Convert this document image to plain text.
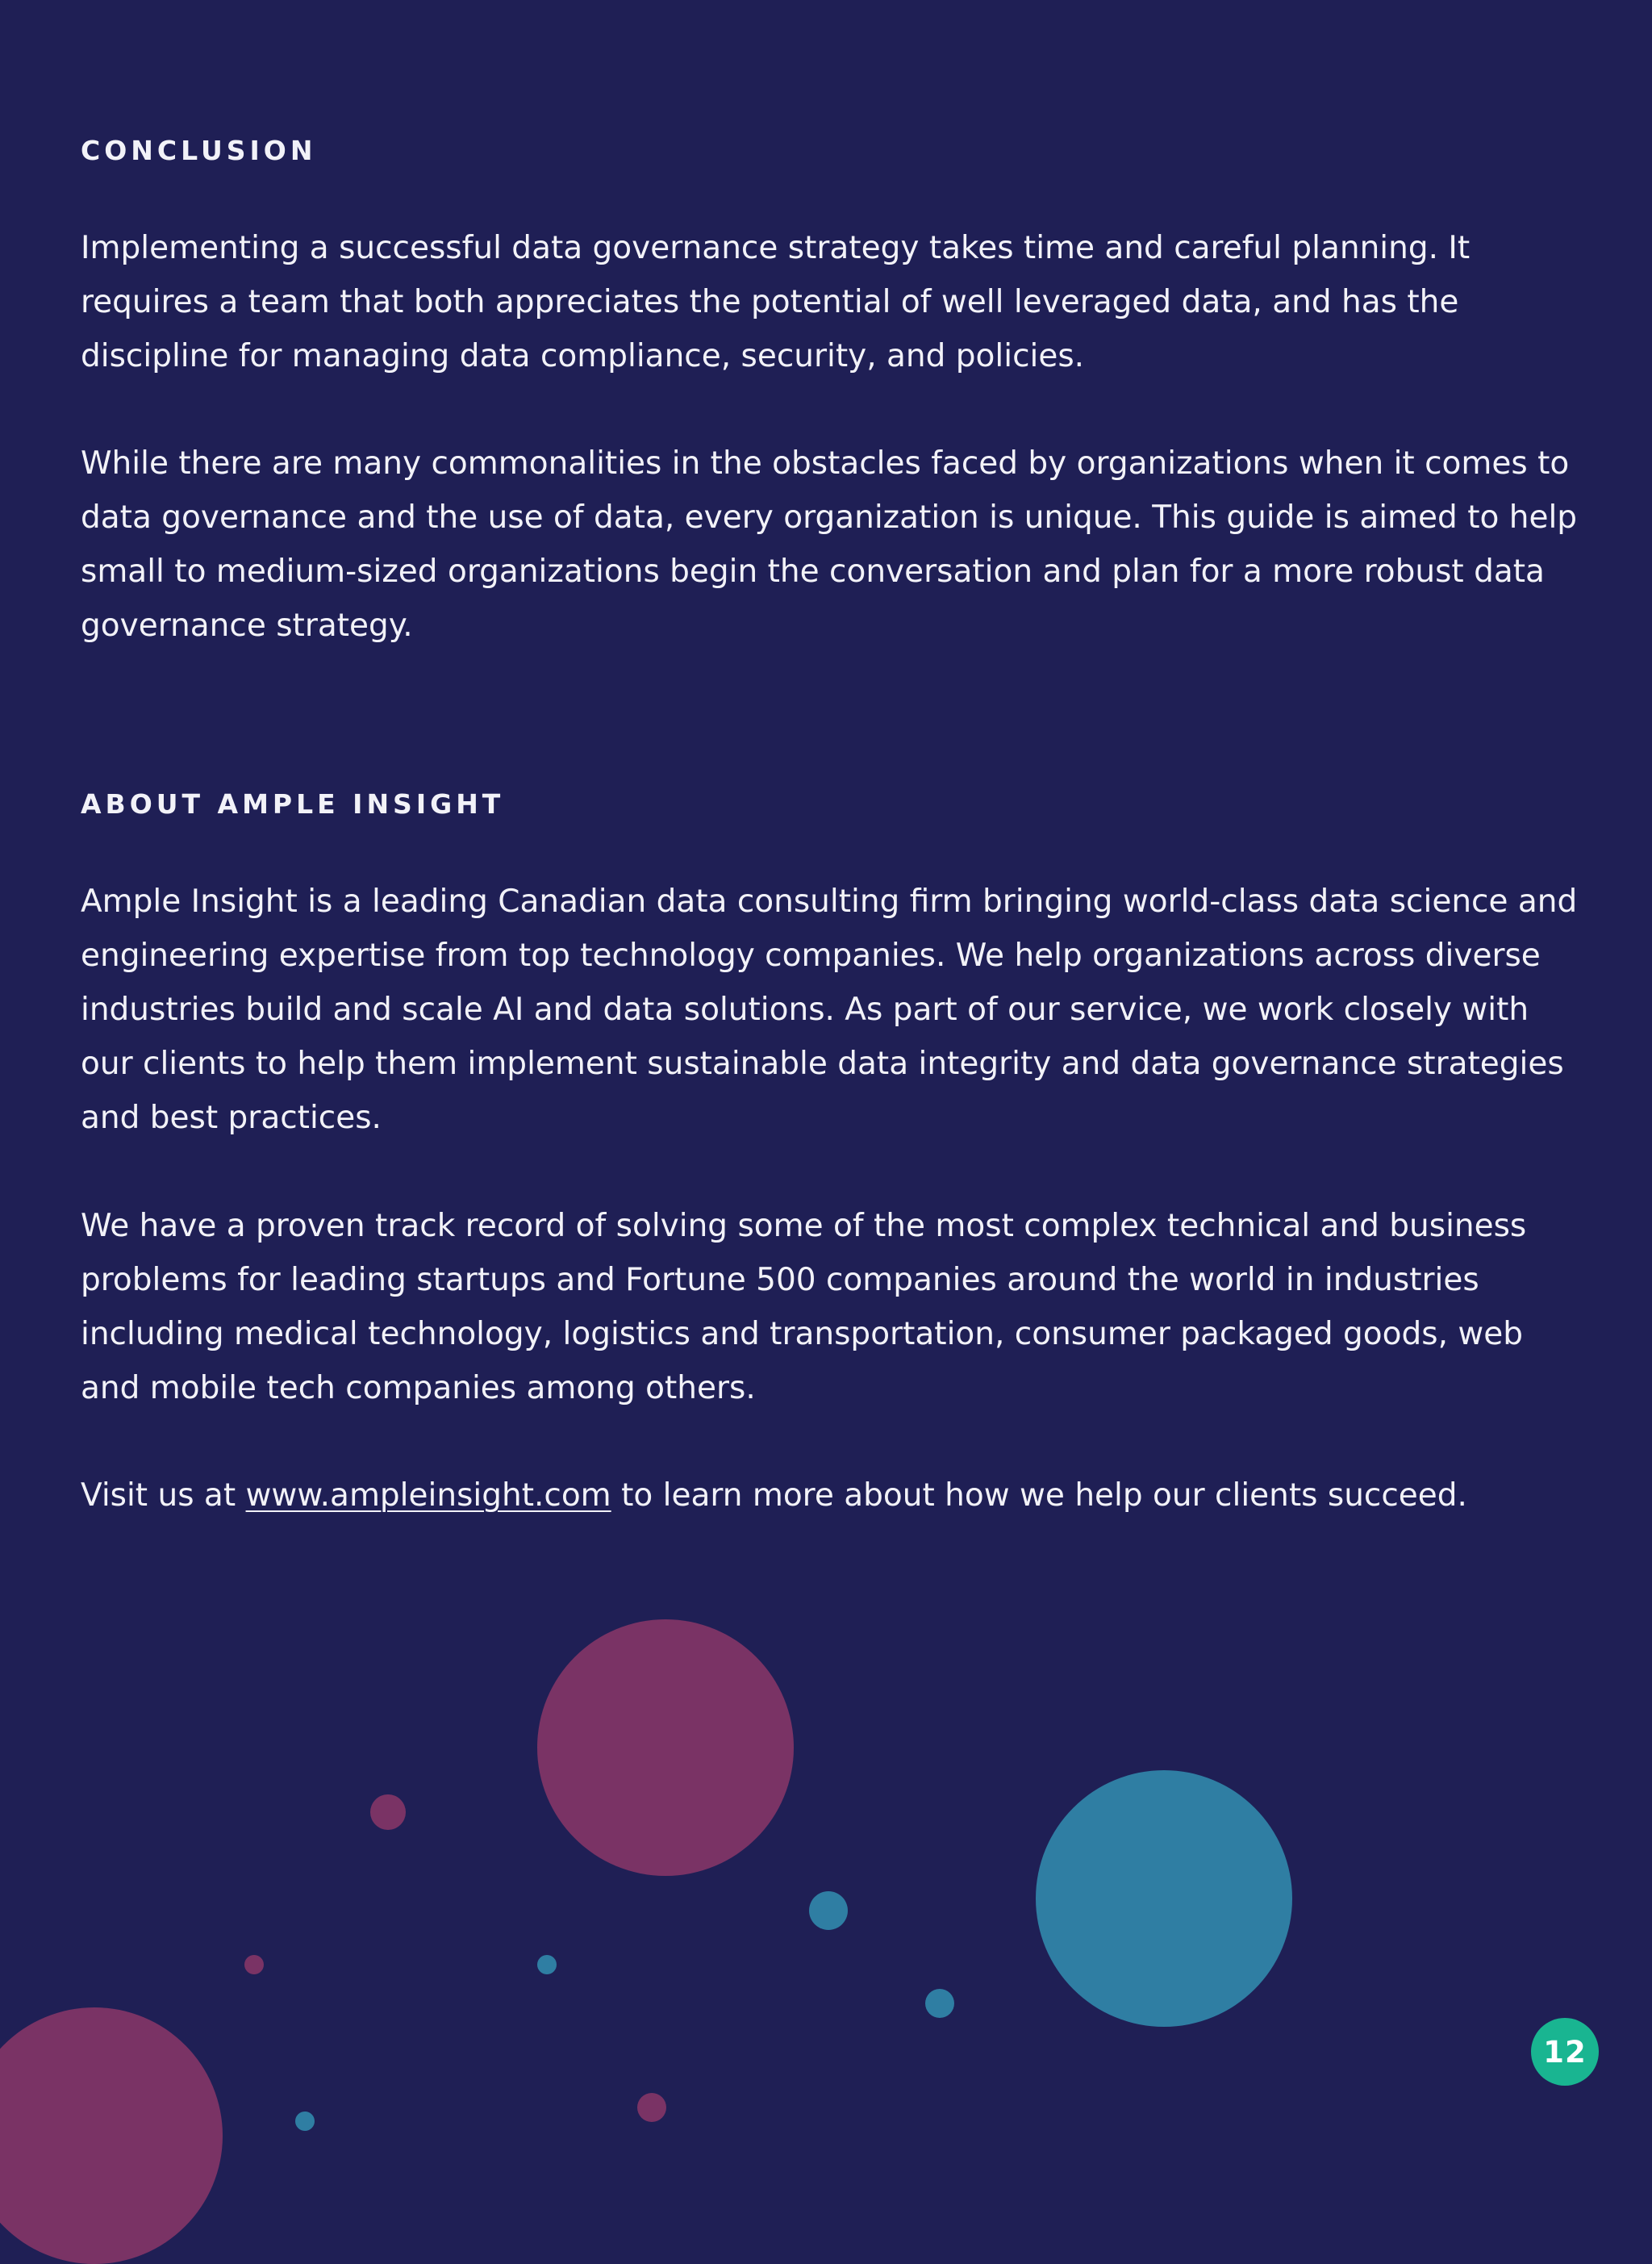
CONCLUSION

Implementing a successful data governance strategy takes time and careful planning. It requires a team that both appreciates the potential of well leveraged data, and has the discipline for managing data compliance, security, and policies.

While there are many commonalities in the obstacles faced by organizations when it comes to data governance and the use of data, every organization is unique. This guide is aimed to help small to medium-sized organizations begin the conversation and plan for a more robust data governance strategy.

ABOUT AMPLE INSIGHT

Ample Insight is a leading Canadian data consulting firm bringing world-class data science and engineering expertise from top technology companies. We help organizations across diverse industries build and scale AI and data solutions. As part of our service, we work closely with our clients to help them implement sustainable data integrity and data governance strategies and best practices.

We have a proven track record of solving some of the most complex technical and business problems for leading startups and Fortune 500 companies around the world in industries including medical technology, logistics and transportation, consumer packaged goods, web and mobile tech companies among others.

Visit us at www.ampleinsight.com to learn more about how we help our clients succeed.

12
